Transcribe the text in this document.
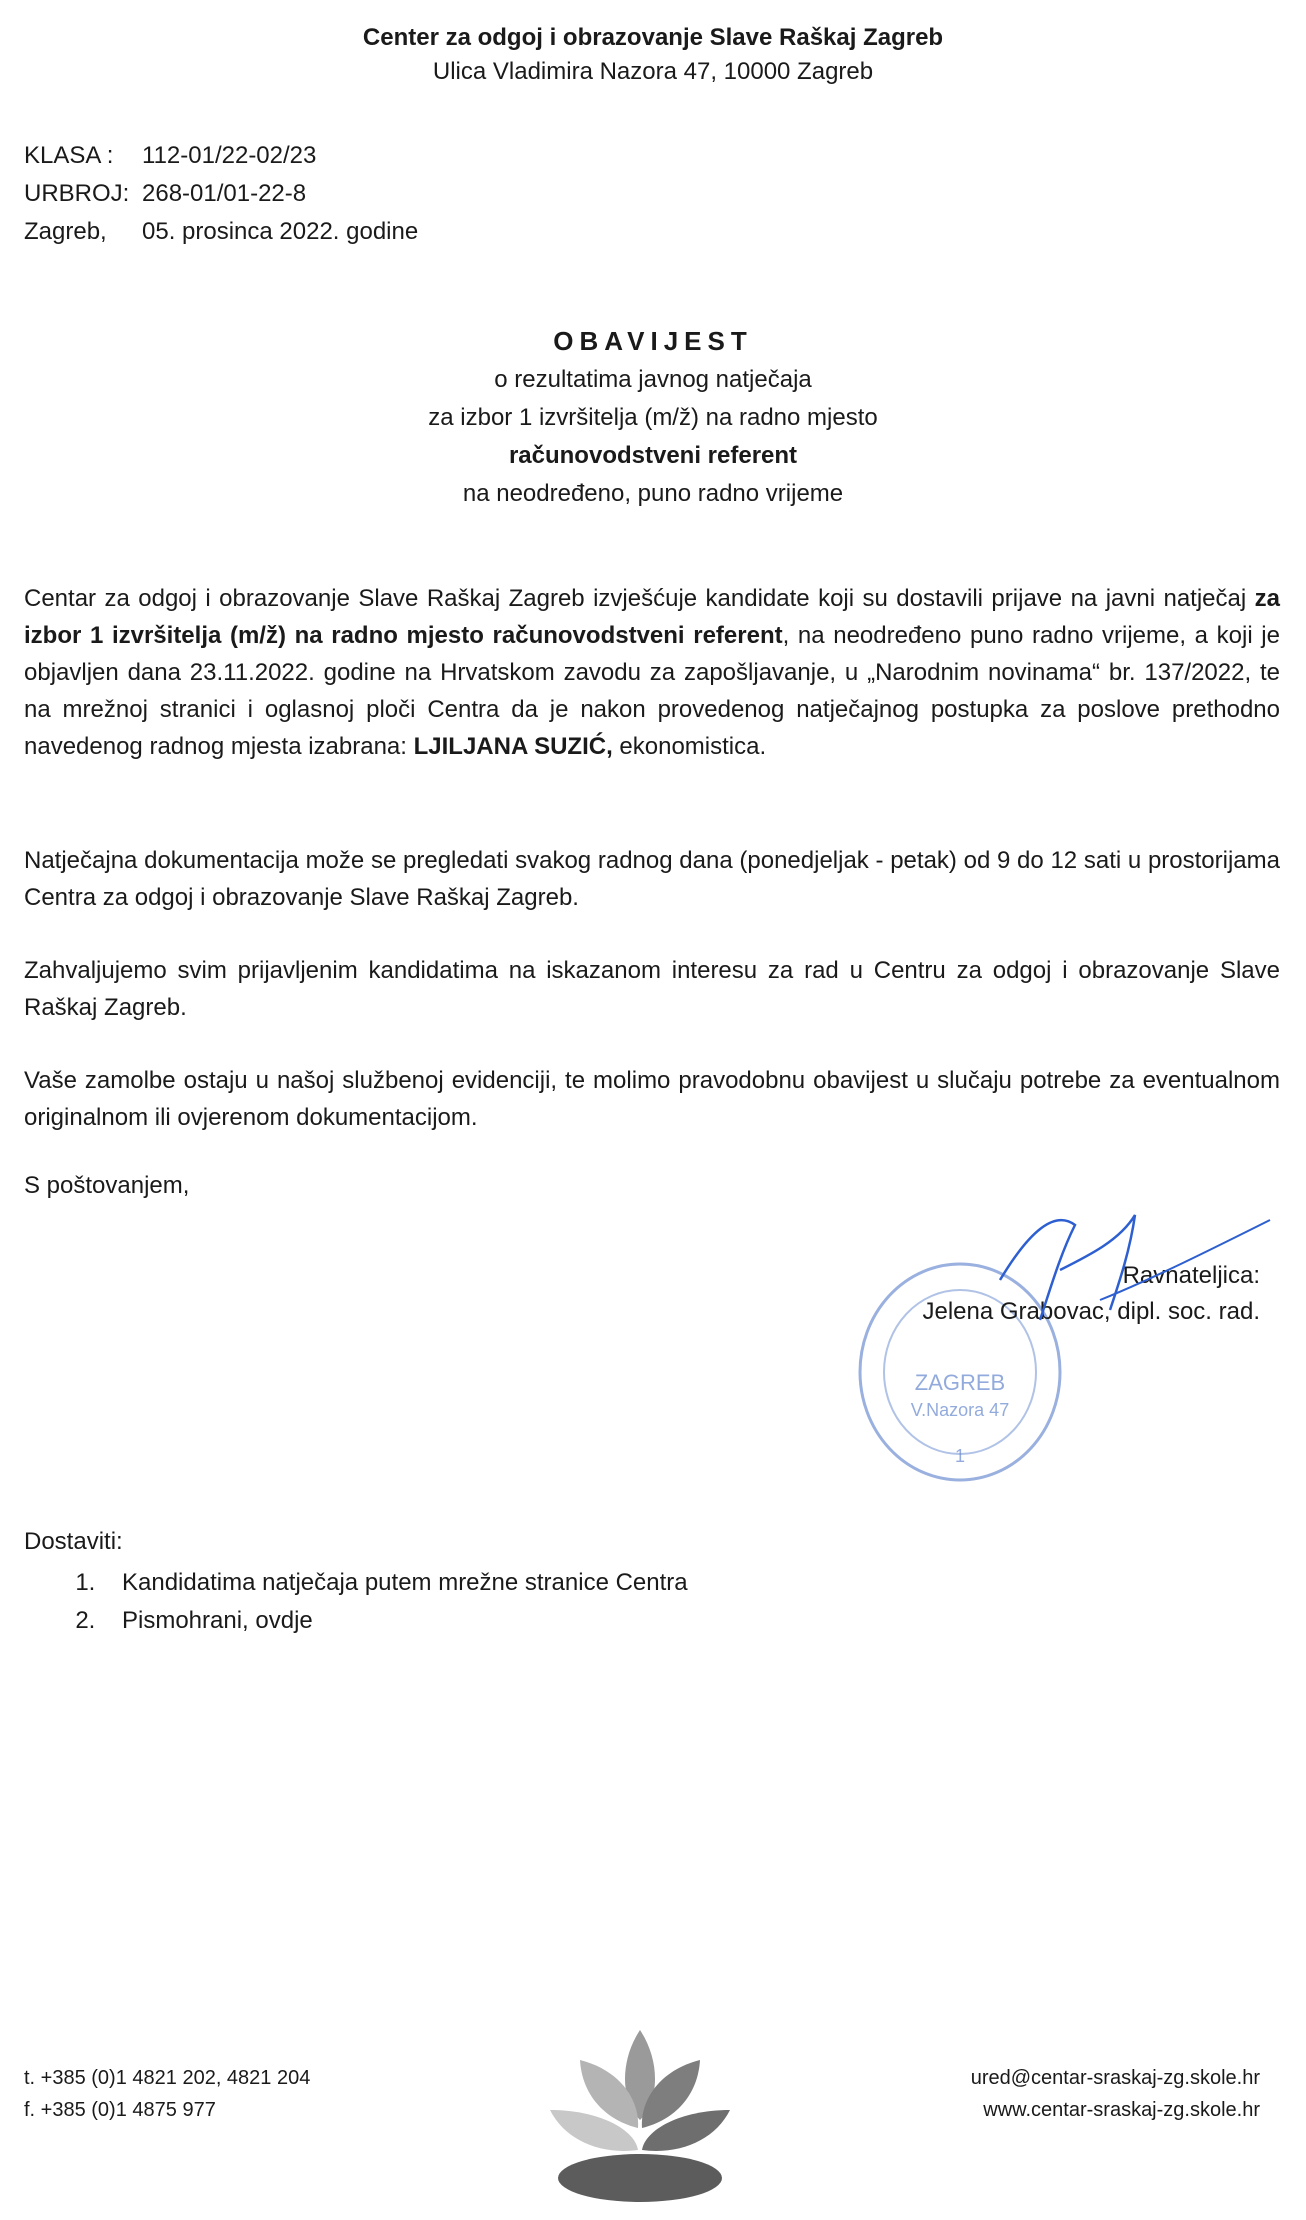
Center za odgoj i obrazovanje Slave Raškaj Zagreb
Ulica Vladimira Nazora 47, 10000 Zagreb
KLASA : 112-01/22-02/23
URBROJ: 268-01/01-22-8
Zagreb, 05. prosinca 2022. godine
OBAVIJEST
o rezultatima javnog natječaja
za izbor 1 izvršitelja (m/ž) na radno mjesto
računovodstveni referent
na neodređeno, puno radno vrijeme
Centar za odgoj i obrazovanje Slave Raškaj Zagreb izvješćuje kandidate koji su dostavili prijave na javni natječaj za izbor 1 izvršitelja (m/ž) na radno mjesto računovodstveni referent, na neodređeno puno radno vrijeme, a koji je objavljen dana 23.11.2022. godine na Hrvatskom zavodu za zapošljavanje, u „Narodnim novinama“ br. 137/2022, te na mrežnoj stranici i oglasnoj ploči Centra da je nakon provedenog natječajnog postupka za poslove prethodno navedenog radnog mjesta izabrana: LJILJANA SUZIĆ, ekonomistica.
Natječajna dokumentacija može se pregledati svakog radnog dana (ponedjeljak - petak) od 9 do 12 sati u prostorijama Centra za odgoj i obrazovanje Slave Raškaj Zagreb.
Zahvaljujemo svim prijavljenim kandidatima na iskazanom interesu za rad u Centru za odgoj i obrazovanje Slave Raškaj Zagreb.
Vaše zamolbe ostaju u našoj službenoj evidenciji, te molimo pravodobnu obavijest u slučaju potrebe za eventualnom originalnom ili ovjerenom dokumentacijom.
S poštovanjem,
ZAGREB
V.Nazora 47
1
Ravnateljica:
Jelena Grabovac, dipl. soc. rad.
Dostaviti:
1. Kandidatima natječaja putem mrežne stranice Centra
2. Pismohrani, ovdje
t. +385 (0)1 4821 202, 4821 204
f. +385 (0)1 4875 977
ured@centar-sraskaj-zg.skole.hr
www.centar-sraskaj-zg.skole.hr
